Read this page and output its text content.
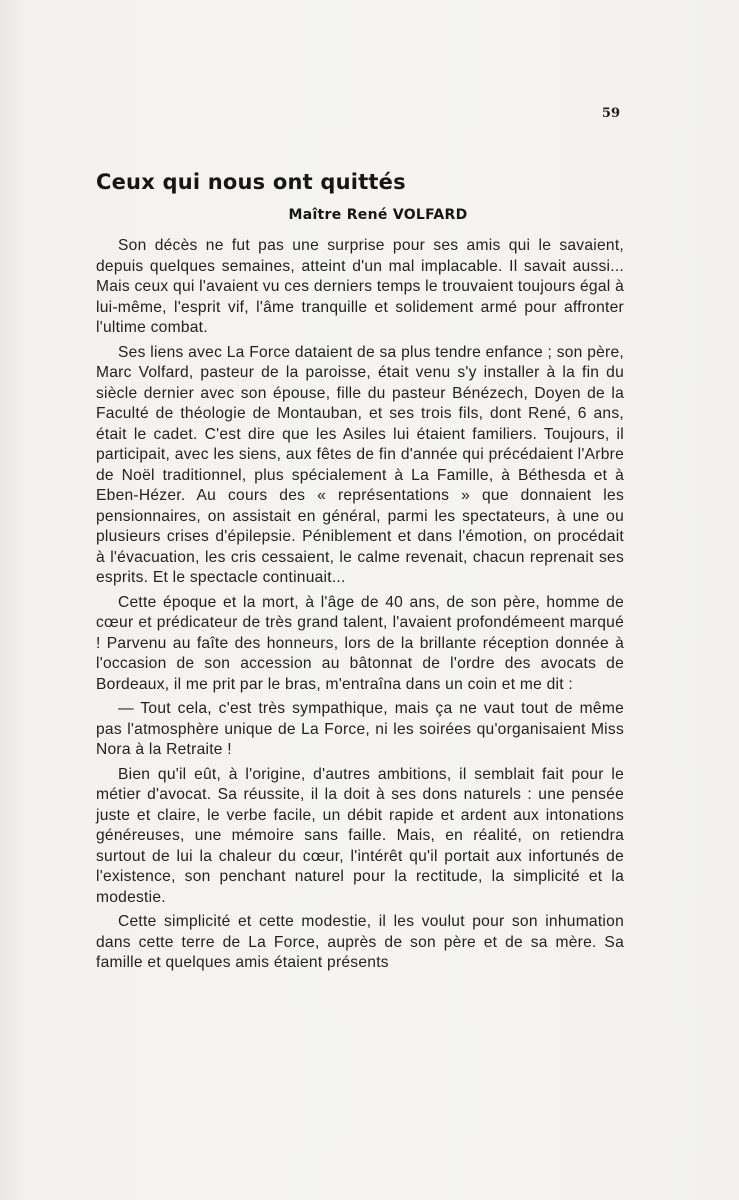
59
Ceux qui nous ont quittés
Maître René VOLFARD

Son décès ne fut pas une surprise pour ses amis qui le savaient, depuis quelques semaines, atteint d'un mal implacable. Il savait aussi... Mais ceux qui l'avaient vu ces derniers temps le trouvaient toujours égal à lui-même, l'esprit vif, l'âme tranquille et solidement armé pour affronter l'ultime combat.

Ses liens avec La Force dataient de sa plus tendre enfance ; son père, Marc Volfard, pasteur de la paroisse, était venu s'y installer à la fin du siècle dernier avec son épouse, fille du pasteur Bénézech, Doyen de la Faculté de théologie de Montauban, et ses trois fils, dont René, 6 ans, était le cadet. C'est dire que les Asiles lui étaient familiers. Toujours, il participait, avec les siens, aux fêtes de fin d'année qui précédaient l'Arbre de Noël traditionnel, plus spécialement à La Famille, à Béthesda et à Eben-Hézer. Au cours des « représentations » que donnaient les pensionnaires, on assistait en général, parmi les spectateurs, à une ou plusieurs crises d'épilepsie. Péniblement et dans l'émotion, on procédait à l'évacuation, les cris cessaient, le calme revenait, chacun reprenait ses esprits. Et le spectacle continuait...

Cette époque et la mort, à l'âge de 40 ans, de son père, homme de cœur et prédicateur de très grand talent, l'avaient profondémeent marqué ! Parvenu au faîte des honneurs, lors de la brillante réception donnée à l'occasion de son accession au bâtonnat de l'ordre des avocats de Bordeaux, il me prit par le bras, m'entraîna dans un coin et me dit :

— Tout cela, c'est très sympathique, mais ça ne vaut tout de même pas l'atmosphère unique de La Force, ni les soirées qu'organisaient Miss Nora à la Retraite !

Bien qu'il eût, à l'origine, d'autres ambitions, il semblait fait pour le métier d'avocat. Sa réussite, il la doit à ses dons naturels : une pensée juste et claire, le verbe facile, un débit rapide et ardent aux intonations généreuses, une mémoire sans faille. Mais, en réalité, on retiendra surtout de lui la chaleur du cœur, l'intérêt qu'il portait aux infortunés de l'existence, son penchant naturel pour la rectitude, la simplicité et la modestie.

Cette simplicité et cette modestie, il les voulut pour son inhumation dans cette terre de La Force, auprès de son père et de sa mère. Sa famille et quelques amis étaient présents
